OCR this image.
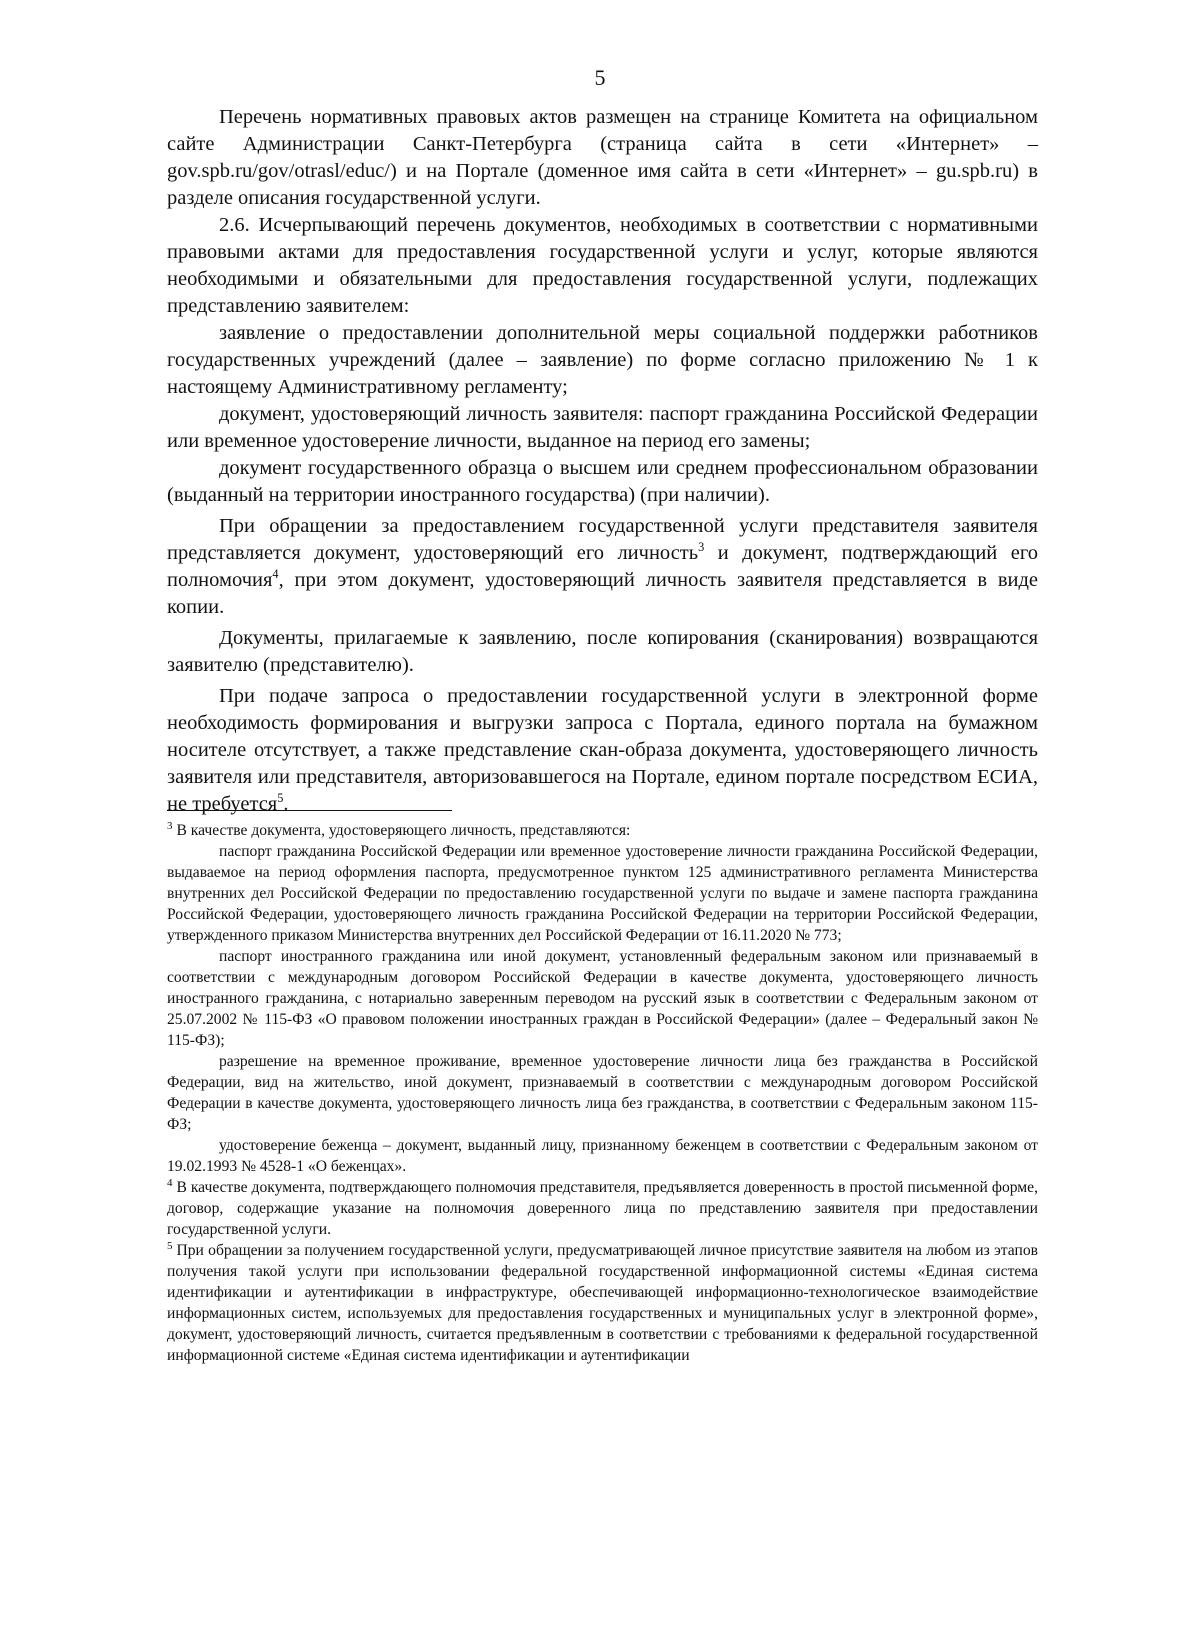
5

Перечень нормативных правовых актов размещен на странице Комитета на официальном сайте Администрации Санкт-Петербурга (страница сайта в сети «Интернет» – gov.spb.ru/gov/otrasl/educ/) и на Портале (доменное имя сайта в сети «Интернет» – gu.spb.ru) в разделе описания государственной услуги.

2.6. Исчерпывающий перечень документов, необходимых в соответствии с нормативными правовыми актами для предоставления государственной услуги и услуг, которые являются необходимыми и обязательными для предоставления государственной услуги, подлежащих представлению заявителем:

заявление о предоставлении дополнительной меры социальной поддержки работников государственных учреждений (далее – заявление) по форме согласно приложению № 1 к настоящему Административному регламенту;

документ, удостоверяющий личность заявителя: паспорт гражданина Российской Федерации или временное удостоверение личности, выданное на период его замены;

документ государственного образца о высшем или среднем профессиональном образовании (выданный на территории иностранного государства) (при наличии).

При обращении за предоставлением государственной услуги представителя заявителя представляется документ, удостоверяющий его личность$^3$ и документ, подтверждающий его полномочия$^4$, при этом документ, удостоверяющий личность заявителя представляется в виде копии.

Документы, прилагаемые к заявлению, после копирования (сканирования) возвращаются заявителю (представителю).

При подаче запроса о предоставлении государственной услуги в электронной форме необходимость формирования и выгрузки запроса с Портала, единого портала на бумажном носителе отсутствует, а также представление скан-образа документа, удостоверяющего личность заявителя или представителя, авторизовавшегося на Портале, едином портале посредством ЕСИА, не требуется$^5$.

$^3$ В качестве документа, удостоверяющего личность, представляются:

паспорт гражданина Российской Федерации или временное удостоверение личности гражданина Российской Федерации, выдаваемое на период оформления паспорта, предусмотренное пунктом 125 административного регламента Министерства внутренних дел Российской Федерации по предоставлению государственной услуги по выдаче и замене паспорта гражданина Российской Федерации, удостоверяющего личность гражданина Российской Федерации на территории Российской Федерации, утвержденного приказом Министерства внутренних дел Российской Федерации от 16.11.2020 № 773;

паспорт иностранного гражданина или иной документ, установленный федеральным законом или признаваемый в соответствии с международным договором Российской Федерации в качестве документа, удостоверяющего личность иностранного гражданина, с нотариально заверенным переводом на русский язык в соответствии с Федеральным законом от 25.07.2002 № 115-ФЗ «О правовом положении иностранных граждан в Российской Федерации» (далее – Федеральный закон № 115-ФЗ);

разрешение на временное проживание, временное удостоверение личности лица без гражданства в Российской Федерации, вид на жительство, иной документ, признаваемый в соответствии с международным договором Российской Федерации в качестве документа, удостоверяющего личность лица без гражданства, в соответствии с Федеральным законом 115-ФЗ;

удостоверение беженца – документ, выданный лицу, признанному беженцем в соответствии с Федеральным законом от 19.02.1993 № 4528-1 «О беженцах».

$^4$ В качестве документа, подтверждающего полномочия представителя, предъявляется доверенность в простой письменной форме, договор, содержащие указание на полномочия доверенного лица по представлению заявителя при предоставлении государственной услуги.

$^5$ При обращении за получением государственной услуги, предусматривающей личное присутствие заявителя на любом из этапов получения такой услуги при использовании федеральной государственной информационной системы «Единая система идентификации и аутентификации в инфраструктуре, обеспечивающей информационно-технологическое взаимодействие информационных систем, используемых для предоставления государственных и муниципальных услуг в электронной форме», документ, удостоверяющий личность, считается предъявленным в соответствии с требованиями к федеральной государственной информационной системе «Единая система идентификации и аутентификации
